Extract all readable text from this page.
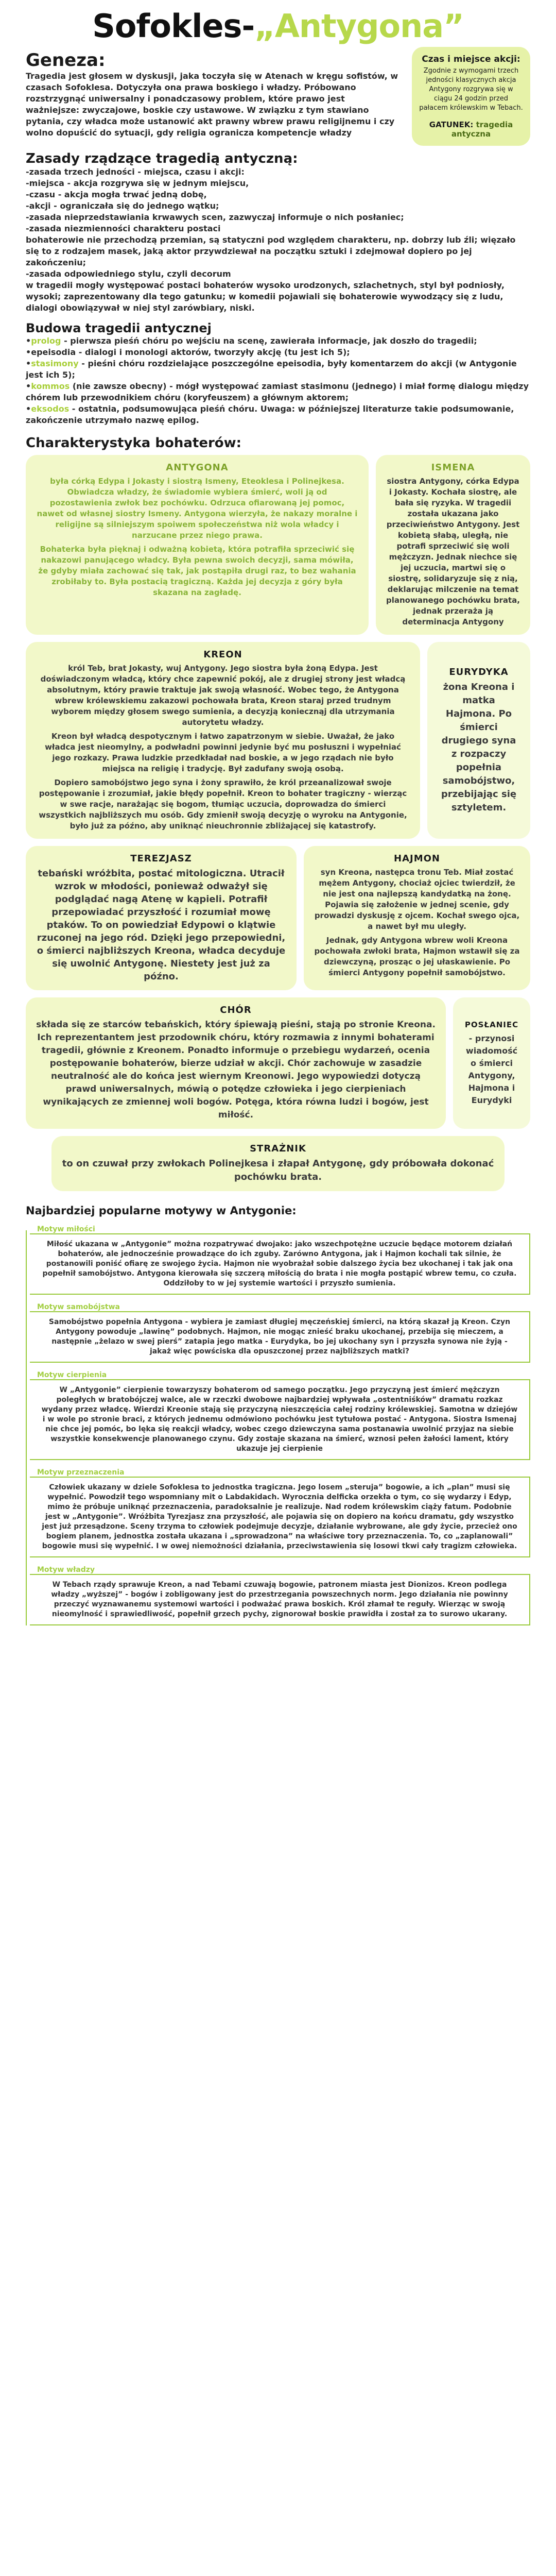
Sofokles-„Antygona”
Geneza:

Tragedia jest głosem w dyskusji, jaka toczyła się w Atenach w kręgu sofistów, w czasach Sofoklesa. Dotyczyła ona prawa boskiego i władzy. Próbowano rozstrzygnąć uniwersalny i ponadczasowy problem, które prawo jest ważniejsze: zwyczajowe, boskie czy ustawowe. W związku z tym stawiano pytania, czy władca może ustanowić akt prawny wbrew prawu religijnemu i czy wolno dopuścić do sytuacji, gdy religia ogranicza kompetencje władzy

Czas i miejsce akcji:
Zgodnie z wymogami trzech jedności klasycznych akcja Antygony rozgrywa się w ciągu 24 godzin przed pałacem królewskim w Tebach.
GATUNEK: tragedia antyczna
Zasady rządzące tragedią antyczną:
-zasada trzech jedności - miejsca, czasu i akcji:
-miejsca - akcja rozgrywa się w jednym miejscu,
-czasu - akcja mogła trwać jedną dobę,
-akcji - ograniczała się do jednego wątku;
-zasada nieprzedstawiania krwawych scen, zazwyczaj informuje o nich posłaniec;
-zasada niezmienności charakteru postaci
bohaterowie nie przechodzą przemian, są statyczni pod względem charakteru, np. dobrzy lub źli; więzało się to z rodzajem masek, jaką aktor przywdziewał na początku sztuki i zdejmował dopiero po jej zakończeniu;
-zasada odpowiedniego stylu, czyli decorum
w tragedii mogły występować postaci bohaterów wysoko urodzonych, szlachetnych, styl był podniosły, wysoki; zaprezentowany dla tego gatunku; w komedii pojawiali się bohaterowie wywodzący się z ludu, dialogi obowiązywał w niej styl zarówbiary, niski.
Budowa tragedii antycznej
•prolog - pierwsza pieśń chóru po wejściu na scenę, zawierała informacje, jak doszło do tragedii;
•epeisodia - dialogi i monologi aktorów, tworzyły akcję (tu jest ich 5);
•stasimony - pieśni chóru rozdzielające poszczególne epeisodia, były komentarzem do akcji (w Antygonie jest ich 5);
•kommos (nie zawsze obecny) - mógł występować zamiast stasimonu (jednego) i miał formę dialogu między chórem lub przewodnikiem chóru (koryfeuszem) a głównym aktorem;
•eksodos - ostatnia, podsumowująca pieśń chóru. Uwaga: w późniejszej literaturze takie podsumowanie, zakończenie utrzymało nazwę epilog.
Charakterystyka bohaterów:
ANTYGONA

była córką Edypa i Jokasty i siostrą Ismeny, Eteoklesa i Polinejkesa. Obwiadcza władzy, że świadomie wybiera śmierć, woli ją od pozostawienia zwłok bez pochówku. Odrzuca ofiarowaną jej pomoc, nawet od własnej siostry Ismeny. Antygona wierzyła, że nakazy moralne i religijne są silniejszym spoiwem społeczeństwa niż wola władcy i narzucane przez niego prawa.

Bohaterka była pięknaj i odważną kobietą, która potrafiła sprzeciwić się nakazowi panującego władcy. Była pewna swoich decyzji, sama mówiła, że gdyby miała zachować się tak, jak postąpiła drugi raz, to bez wahania zrobiłaby to. Była postacią tragiczną. Każda jej decyzja z góry była skazana na zagładę.

ISMENA

siostra Antygony, córka Edypa i Jokasty. Kochała siostrę, ale bała się ryzyka. W tragedii została ukazana jako przeciwieństwo Antygony. Jest kobietą słabą, uległą, nie potrafi sprzeciwić się woli mężczyzn. Jednak niechce się jej uczucia, martwi się o siostrę, solidaryzuje się z nią, deklarując milczenie na temat planowanego pochówku brata, jednak przeraża ją determinacja Antygony

KREON

król Teb, brat Jokasty, wuj Antygony. Jego siostra była żoną Edypa. Jest doświadczonym władcą, który chce zapewnić pokój, ale z drugiej strony jest władcą absolutnym, który prawie traktuje jak swoją własność. Wobec tego, że Antygona wbrew królewskiemu zakazowi pochowała brata, Kreon staraj przed trudnym wyborem między głosem swego sumienia, a decyzją koniecznąj dla utrzymania autorytetu władzy.

Kreon był władcą despotycznym i łatwo zapatrzonym w siebie. Uważał, że jako władca jest nieomylny, a podwładni powinni jedynie być mu posłuszni i wypełniać jego rozkazy. Prawa ludzkie przedkładał nad boskie, a w jego rządach nie było miejsca na religię i tradycję. Był zadufany swoją osobą.

Dopiero samobójstwo jego syna i żony sprawiło, że król przeanalizował swoje postępowanie i zrozumiał, jakie błędy popełnił. Kreon to bohater tragiczny - wierząc w swe racje, narażając się bogom, tłumiąc uczucia, doprowadza do śmierci wszystkich najbliższych mu osób. Gdy zmienił swoją decyzję o wyroku na Antygonie, było już za późno, aby uniknąć nieuchronnie zbliżającej się katastrofy.

EURYDYKA

żona Kreona i matka Hajmona. Po śmierci drugiego syna z rozpaczy popełnia samobójstwo, przebijając się sztyletem.

TEREZJASZ

tebański wróżbita, postać mitologiczna. Utracił wzrok w młodości, ponieważ odważył się podglądać nagą Atenę w kąpieli. Potrafił przepowiadać przyszłość i rozumiał mowę ptaków. To on powiedział Edypowi o klątwie rzuconej na jego ród. Dzięki jego przepowiedni, o śmierci najbliższych Kreona, władca decyduje się uwolnić Antygonę. Niestety jest już za późno.

HAJMON

syn Kreona, następca tronu Teb. Miał zostać mężem Antygony, chociaż ojciec twierdził, że nie jest ona najlepszą kandydatką na żonę. Pojawia się założenie w jednej scenie, gdy prowadzi dyskusję z ojcem. Kochał swego ojca, a nawet był mu uległy.

Jednak, gdy Antygona wbrew woli Kreona pochowała zwłoki brata, Hajmon wstawił się za dziewczyną, prosząc o jej ułaskawienie. Po śmierci Antygony popełnił samobójstwo.

CHÓR

składa się ze starców tebańskich, który śpiewają pieśni, stają po stronie Kreona. Ich reprezentantem jest przodownik chóru, który rozmawia z innymi bohaterami tragedii, głównie z Kreonem. Ponadto informuje o przebiegu wydarzeń, ocenia postępowanie bohaterów, bierze udział w akcji. Chór zachowuje w zasadzie neutralność ale do końca jest wiernym Kreonowi. Jego wypowiedzi dotyczą prawd uniwersalnych, mówią o potędze człowieka i jego cierpieniach wynikających ze zmiennej woli bogów. Potęga, która równa ludzi i bogów, jest miłość.

POSŁANIEC

- przynosi wiadomość o śmierci Antygony, Hajmona i Eurydyki

STRAŻNIK

to on czuwał przy zwłokach Polinejkesa i złapał Antygonę, gdy próbowała dokonać pochówku brata.

Najbardziej popularne motywy w Antygonie:
Motyw miłości

Miłość ukazana w „Antygonie” można rozpatrywać dwojako: jako wszechpotężne uczucie będące motorem działań bohaterów, ale jednocześnie prowadzące do ich zguby. Zarówno Antygona, jak i Hajmon kochali tak silnie, że postanowili poniść ofiarę ze swojego życia. Hajmon nie wyobrażał sobie dalszego życia bez ukochanej i tak jak ona popełnił samobójstwo. Antygona kierowała się szczerą miłością do brata i nie mogła postąpić wbrew temu, co czuła. Oddziłoby to w jej systemie wartości i przyszło sumienia.

Motyw samobójstwa

Samobójstwo popełnia Antygona - wybiera je zamiast długiej męczeńskiej śmierci, na którą skazał ją Kreon. Czyn Antygony powoduje „lawinę” podobnych. Hajmon, nie mogąc znieść braku ukochanej, przebija się mieczem, a następnie „żelazo w swej pierś” zatapia jego matka - Eurydyka, bo jej ukochany syn i przyszła synowa nie żyją - jakaż więc powściska dla opuszczonej przez najbliższych matki?

Motyw cierpienia

W „Antygonie” cierpienie towarzyszy bohaterom od samego początku. Jego przyczyną jest śmierć mężczyzn poległych w bratobójczej walce, ale w rzeczki dwobowe najbardziej wpływała „ostentniśków” dramatu rozkaz wydany przez władcę. Wierdzi Kreonie stają się przyczyną nieszczęścia całej rodziny królewskiej. Samotna w dziejów i w wole po stronie braci, z których jednemu odmówiono pochówku jest tytułowa postać - Antygona. Siostra Ismenaj nie chce jej pomóc, bo lęka się reakcji władcy, wobec czego dziewczyna sama postanawia uwolnić przyjaz na siebie wszystkie konsekwencje planowanego czynu. Gdy zostaje skazana na śmierć, wznosi pełen żałości lament, który ukazuje jej cierpienie

Motyw przeznaczenia

Człowiek ukazany w dziele Sofoklesa to jednostka tragiczna. Jego losem „steruja” bogowie, a ich „plan” musi się wypełnić. Powodził tego wspomniany mit o Labdakidach. Wyrocznia delficka orzekła o tym, co się wydarzy i Edyp, mimo że próbuje uniknąć przeznaczenia, paradoksalnie je realizuje. Nad rodem królewskim ciąży fatum. Podobnie jest w „Antygonie”. Wróżbita Tyrezjasz zna przyszłość, ale pojawia się on dopiero na końcu dramatu, gdy wszystko jest już przesądzone. Sceny trzyma to człowiek podejmuje decyzje, działanie wybrowane, ale gdy życie, przecież ono bogiem planem, jednostka została ukazana i „sprowadzona” na właściwe tory przeznaczenia. To, co „zaplanowali” bogowie musi się wypełnić. I w owej niemożności działania, przeciwstawienia się losowi tkwi cały tragizm człowieka.

Motyw władzy

W Tebach rządy sprawuje Kreon, a nad Tebami czuwają bogowie, patronem miasta jest Dionizos. Kreon podlega władzy „wyższej” - bogów i zobligowany jest do przestrzegania powszechnych norm. Jego działania nie powinny przeczyć wyznawanemu systemowi wartości i podważać prawa boskich. Król złamał te reguły. Wierząc w swoją nieomylność i sprawiedliwość, popełnił grzech pychy, zignorował boskie prawidła i został za to surowo ukarany.
